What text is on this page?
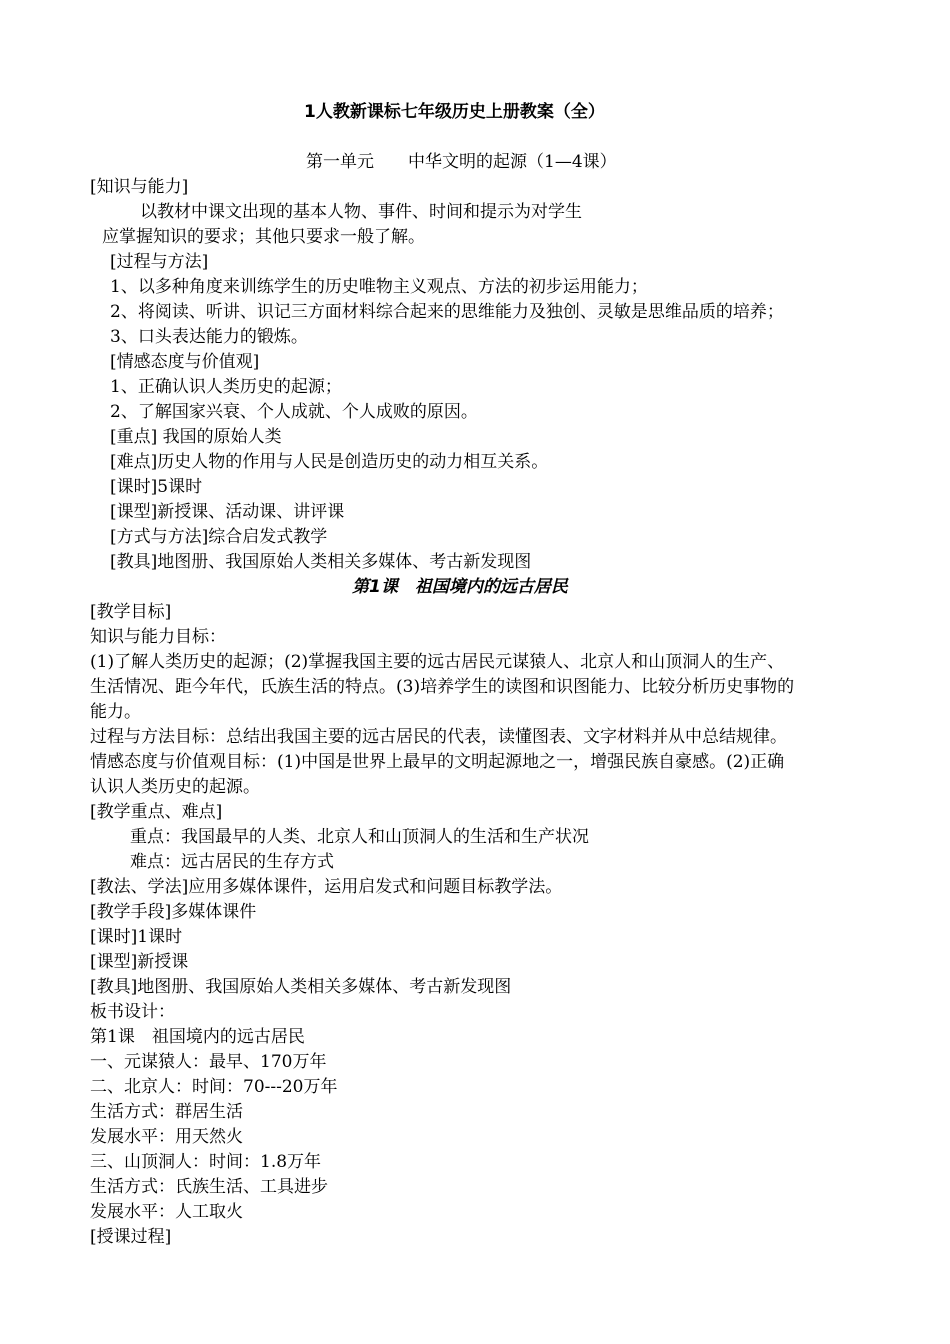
1人教新课标七年级历史上册教案（全）
第一单元　　中华文明的起源（1—4课）
[知识与能力]
以教材中课文出现的基本人物、事件、时间和提示为对学生
应掌握知识的要求；其他只要求一般了解。
[过程与方法]
1、以多种角度来训练学生的历史唯物主义观点、方法的初步运用能力；
2、将阅读、听讲、识记三方面材料综合起来的思维能力及独创、灵敏是思维品质的培养；
3、口头表达能力的锻炼。
[情感态度与价值观]
1、正确认识人类历史的起源；
2、了解国家兴衰、个人成就、个人成败的原因。
[重点] 我国的原始人类
[难点]历史人物的作用与人民是创造历史的动力相互关系。
[课时]5课时
[课型]新授课、活动课、讲评课
[方式与方法]综合启发式教学
[教具]地图册、我国原始人类相关多媒体、考古新发现图
第1课　祖国境内的远古居民
[教学目标]
知识与能力目标：
(1)了解人类历史的起源；(2)掌握我国主要的远古居民元谋猿人、北京人和山顶洞人的生产、
生活情况、距今年代，氏族生活的特点。(3)培养学生的读图和识图能力、比较分析历史事物的
能力。
过程与方法目标：总结出我国主要的远古居民的代表，读懂图表、文字材料并从中总结规律。
情感态度与价值观目标：(1)中国是世界上最早的文明起源地之一，增强民族自豪感。(2)正确
认识人类历史的起源。
[教学重点、难点]
重点：我国最早的人类、北京人和山顶洞人的生活和生产状况
难点：远古居民的生存方式
[教法、学法]应用多媒体课件，运用启发式和问题目标教学法。
[教学手段]多媒体课件
[课时]1课时
[课型]新授课
[教具]地图册、我国原始人类相关多媒体、考古新发现图
板书设计：
第1课　祖国境内的远古居民
一、元谋猿人：最早、170万年
二、北京人：时间：70---20万年
生活方式：群居生活
发展水平：用天然火
三、山顶洞人：时间：1.8万年
生活方式：氏族生活、工具进步
发展水平：人工取火
[授课过程]
